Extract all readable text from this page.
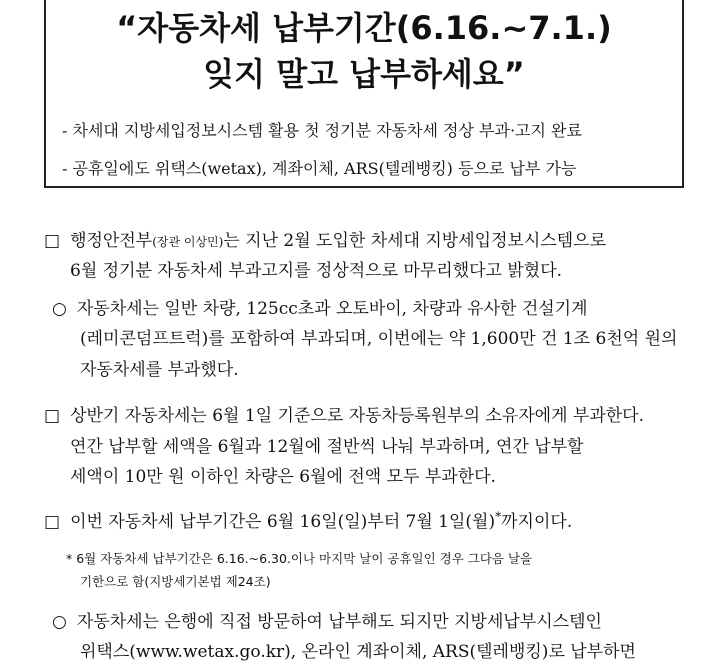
“자동차세 납부기간(6.16.~7.1.)
잊지 말고 납부하세요”
- 차세대 지방세입정보시스템 활용 첫 정기분 자동차세 정상 부과·고지 완료
- 공휴일에도 위택스(wetax), 계좌이체, ARS(텔레뱅킹) 등으로 납부 가능
□ 행정안전부(장관 이상민)는 지난 2월 도입한 차세대 지방세입정보시스템으로
6월 정기분 자동차세 부과고지를 정상적으로 마무리했다고 밝혔다.
○ 자동차세는 일반 차량, 125cc초과 오토바이, 차량과 유사한 건설기계
(레미콘덤프트럭)를 포함하여 부과되며, 이번에는 약 1,600만 건 1조 6천억 원의
자동차세를 부과했다.
□ 상반기 자동차세는 6월 1일 기준으로 자동차등록원부의 소유자에게 부과한다.
연간 납부할 세액을 6월과 12월에 절반씩 나눠 부과하며, 연간 납부할
세액이 10만 원 이하인 차량은 6월에 전액 모두 부과한다.
□ 이번 자동차세 납부기간은 6월 16일(일)부터 7월 1일(월)*까지이다.
* 6월 자동차세 납부기간은 6.16.~6.30.이나 마지막 날이 공휴일인 경우 그다음 날을
기한으로 함(지방세기본법 제24조)
○ 자동차세는 은행에 직접 방문하여 납부해도 되지만 지방세납부시스템인
위택스(www.wetax.go.kr), 온라인 계좌이체, ARS(텔레뱅킹)로 납부하면
